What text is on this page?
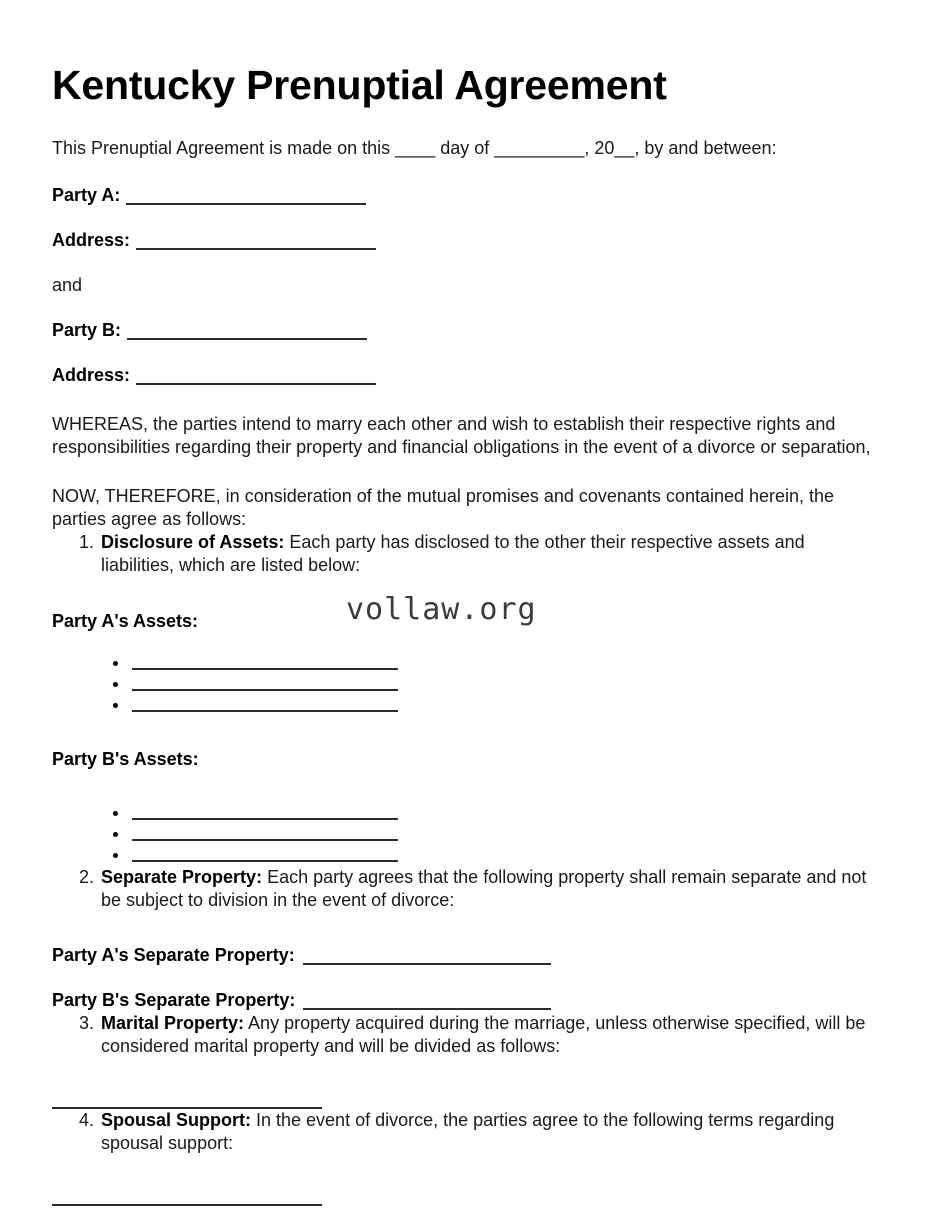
vollaw.org
Kentucky Prenuptial Agreement

This Prenuptial Agreement is made on this ____ day of _________, 20__, by and between:

Party A:

Address:

and

Party B:

Address:

WHEREAS, the parties intend to marry each other and wish to establish their respective rights and responsibilities regarding their property and financial obligations in the event of a divorce or separation,

NOW, THEREFORE, in consideration of the mutual promises and covenants contained herein, the parties agree as follows:

1. Disclosure of Assets: Each party has disclosed to the other their respective assets and liabilities, which are listed below:

Party A's Assets:

•
•
•

Party B's Assets:

•
•
•
2. Separate Property: Each party agrees that the following property shall remain separate and not be subject to division in the event of divorce:

Party A's Separate Property:

Party B's Separate Property:

3. Marital Property: Any property acquired during the marriage, unless otherwise specified, will be considered marital property and will be divided as follows:
4. Spousal Support: In the event of divorce, the parties agree to the following terms regarding spousal support:
